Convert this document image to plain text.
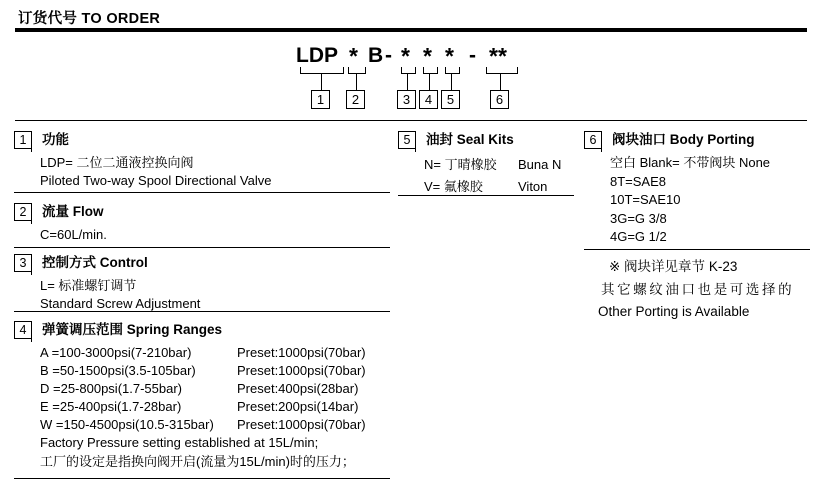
订货代号 TO ORDER
LDP * B - * * * - **
1	2	3	4	5	6
1	功能
LDP= 二位二通液控换向阀
Piloted Two-way Spool Directional Valve
2	流量 Flow
C=60L/min.
3	控制方式 Control
L= 标准螺钉调节
Standard Screw Adjustment
4	弹簧调压范围 Spring Ranges
A =100-3000psi(7-210bar)	Preset:1000psi(70bar)
B =50-1500psi(3.5-105bar)	Preset:1000psi(70bar)
D =25-800psi(1.7-55bar)	Preset:400psi(28bar)
E =25-400psi(1.7-28bar)	Preset:200psi(14bar)
W =150-4500psi(10.5-315bar)	Preset:1000psi(70bar)
Factory Pressure setting established at 15L/min;
工厂的设定是指换向阀开启(流量为15L/min)时的压力；
5	油封 Seal Kits
N= 丁晴橡胶	Buna N
V= 氟橡胶	Viton
6	阀块油口 Body Porting
空白 Blank= 不带阀块 None
8T=SAE8
10T=SAE10
3G=G 3/8
4G=G 1/2
※ 阀块详见章节 K-23
其它螺纹油口也是可选择的
Other Porting is Available
